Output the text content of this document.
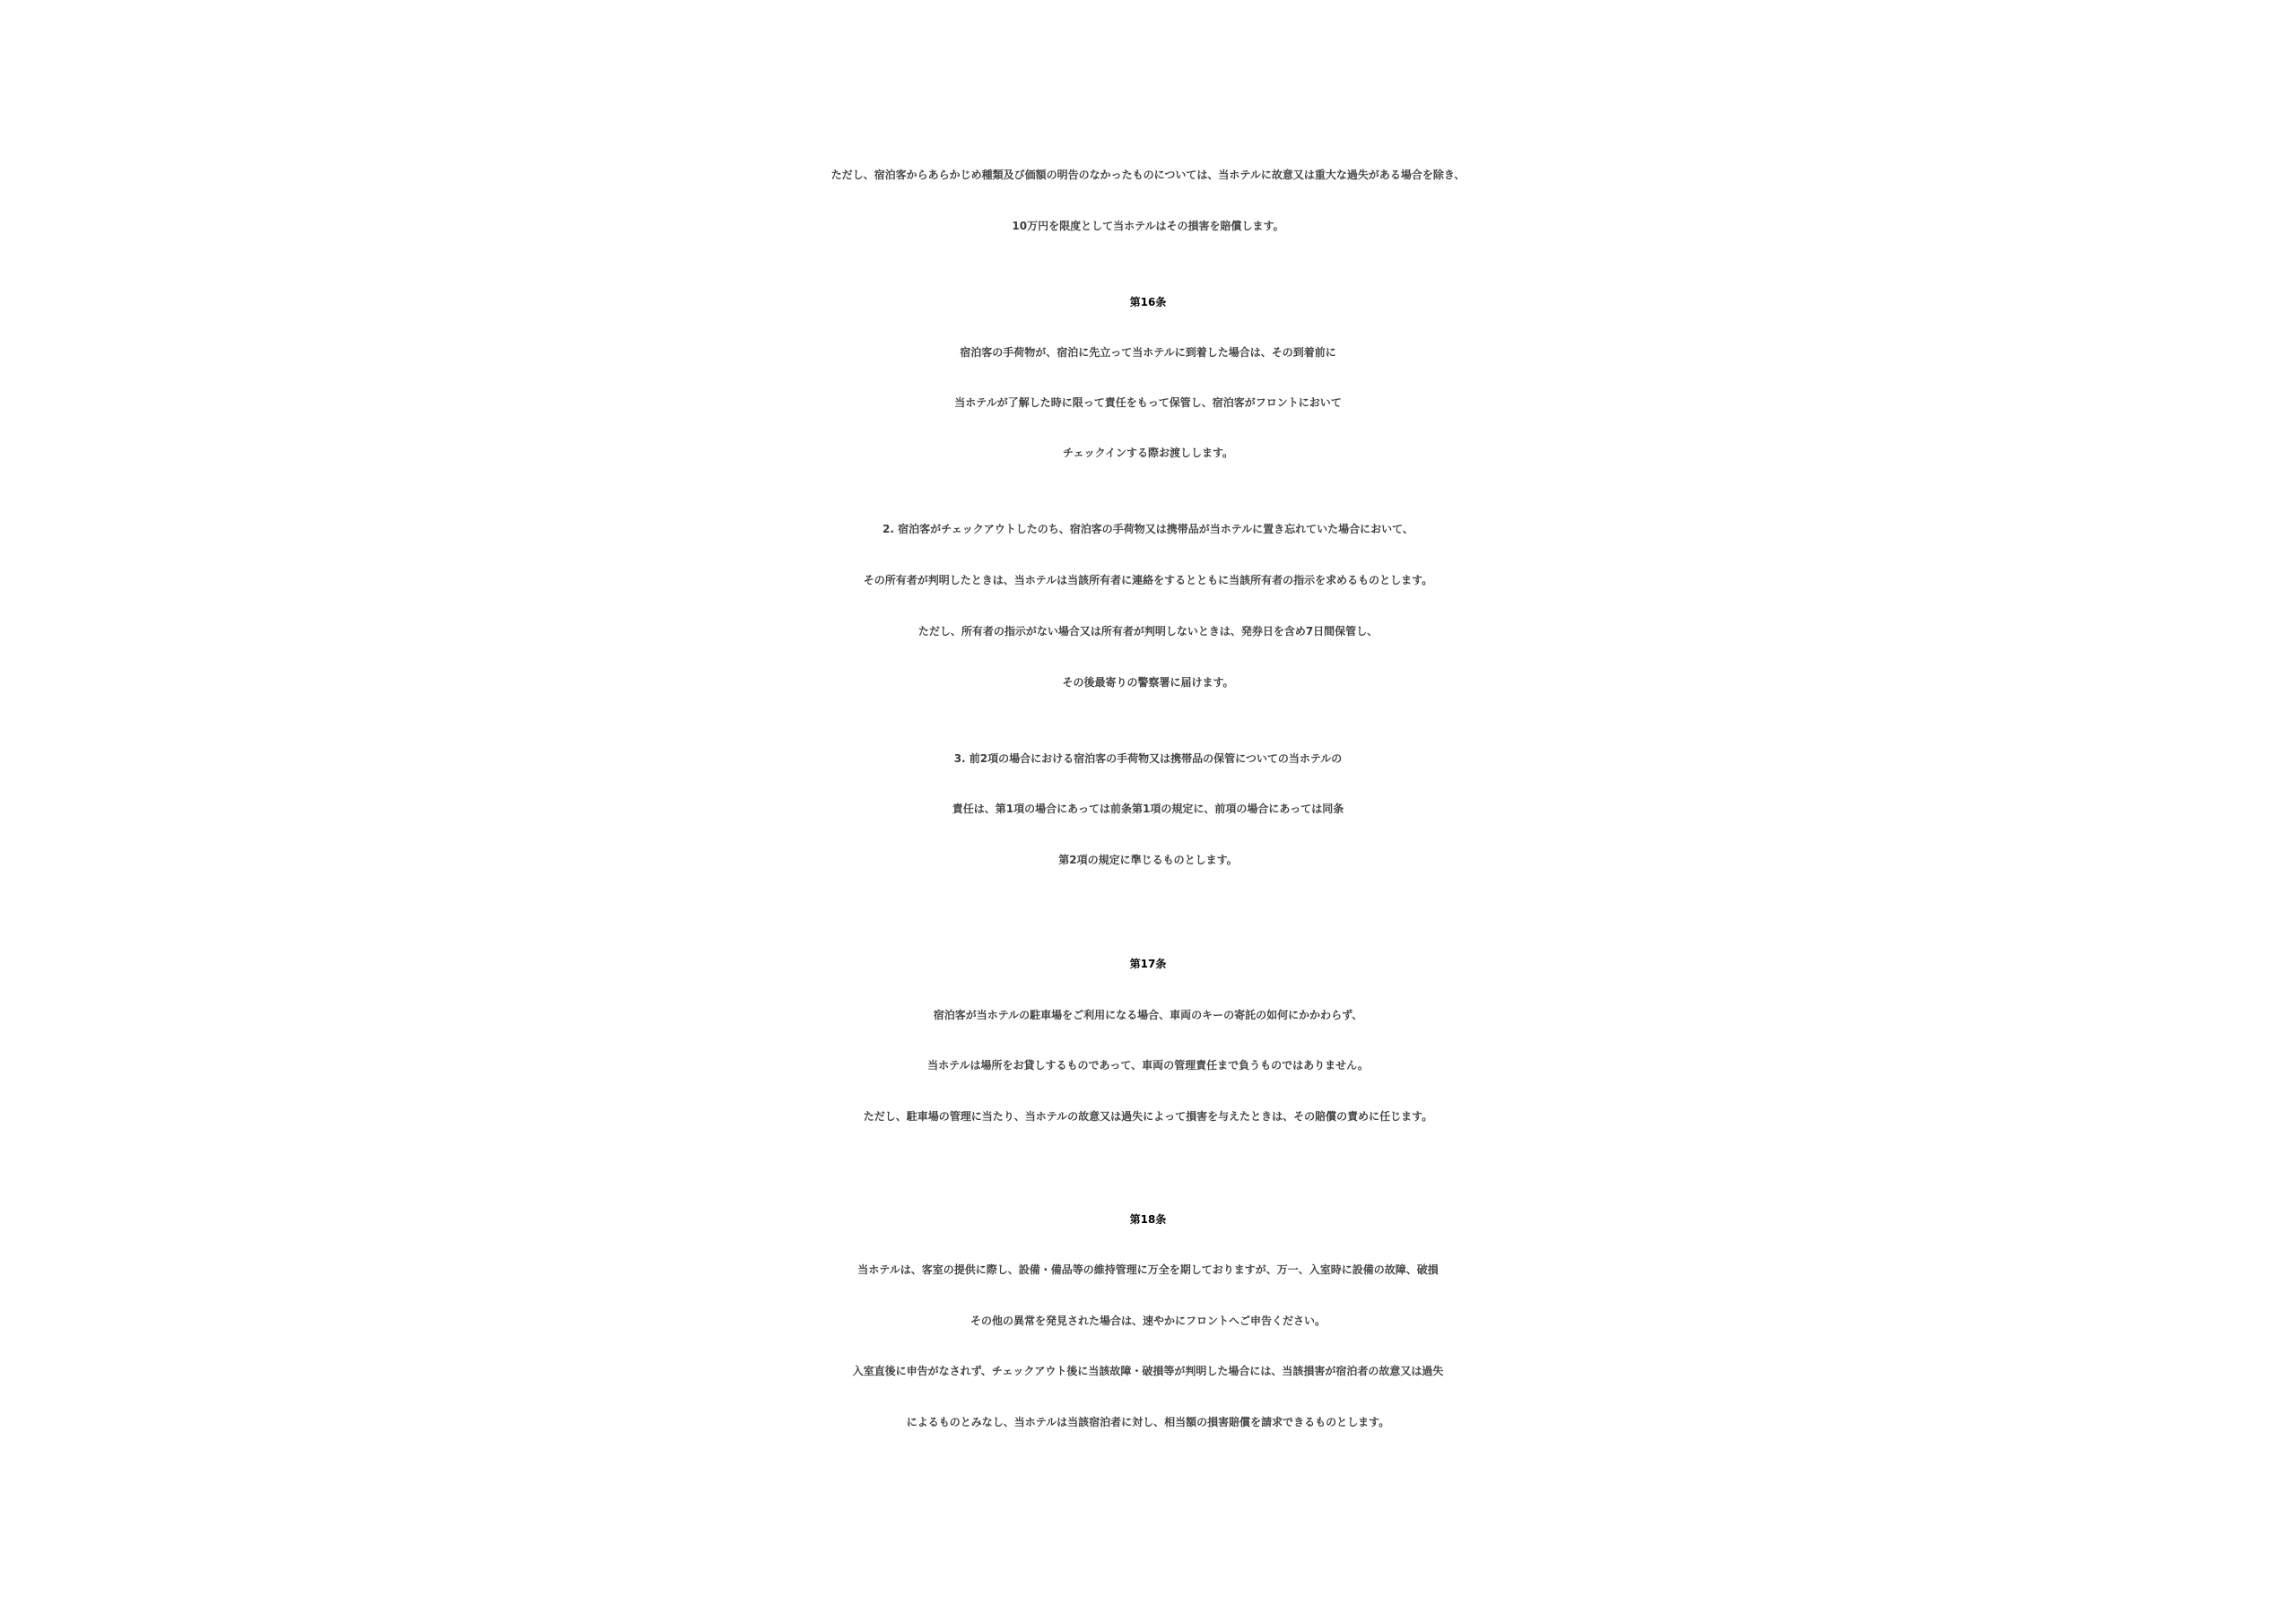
ただし、宿泊客からあらかじめ種類及び価額の明告のなかったものについては、当ホテルに故意又は重大な過失がある場合を除き、
10万円を限度として当ホテルはその損害を賠償します。
第16条
宿泊客の手荷物が、宿泊に先立って当ホテルに到着した場合は、その到着前に
当ホテルが了解した時に限って責任をもって保管し、宿泊客がフロントにおいて
チェックインする際お渡しします。
2. 宿泊客がチェックアウトしたのち、宿泊客の手荷物又は携帯品が当ホテルに置き忘れていた場合において、
その所有者が判明したときは、当ホテルは当該所有者に連絡をするとともに当該所有者の指示を求めるものとします。
ただし、所有者の指示がない場合又は所有者が判明しないときは、発券日を含め7日間保管し、
その後最寄りの警察署に届けます。
3. 前2項の場合における宿泊客の手荷物又は携帯品の保管についての当ホテルの
責任は、第1項の場合にあっては前条第1項の規定に、前項の場合にあっては同条
第2項の規定に準じるものとします。
第17条
宿泊客が当ホテルの駐車場をご利用になる場合、車両のキーの寄託の如何にかかわらず、
当ホテルは場所をお貸しするものであって、車両の管理責任まで負うものではありません。
ただし、駐車場の管理に当たり、当ホテルの故意又は過失によって損害を与えたときは、その賠償の責めに任じます。
第18条
当ホテルは、客室の提供に際し、設備・備品等の維持管理に万全を期しておりますが、万一、入室時に設備の故障、破損
その他の異常を発見された場合は、速やかにフロントへご申告ください。
入室直後に申告がなされず、チェックアウト後に当該故障・破損等が判明した場合には、当該損害が宿泊者の故意又は過失
によるものとみなし、当ホテルは当該宿泊者に対し、相当額の損害賠償を請求できるものとします。
